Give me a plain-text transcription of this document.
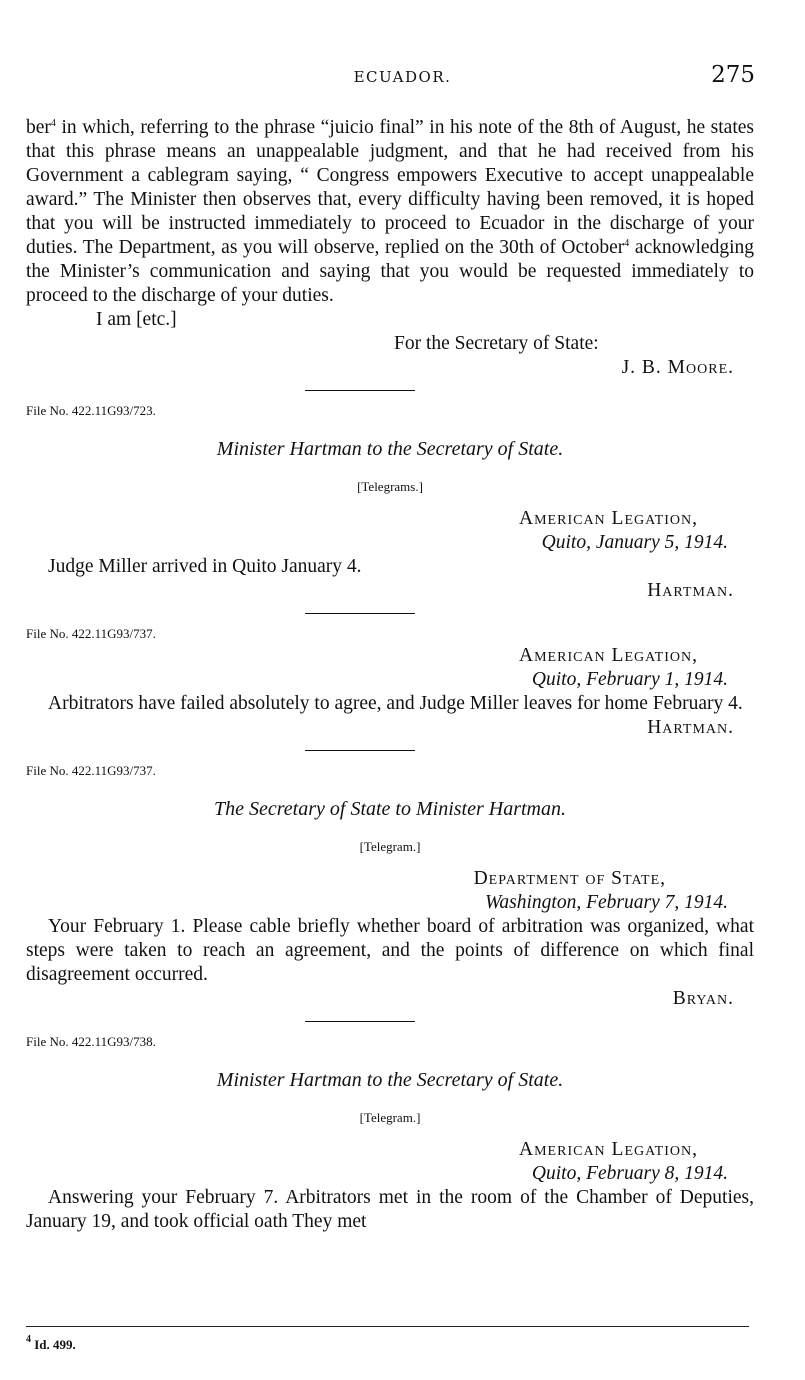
ECUADOR.	275

ber$^4$ in which, referring to the phrase “juicio final” in his note of the 8th of August, he states that this phrase means an unappealable judgment, and that he had received from his Government a cablegram saying, “ Congress empowers Executive to accept unappealable award.” The Minister then observes that, every difficulty having been removed, it is hoped that you will be instructed immediately to proceed to Ecuador in the discharge of your duties. The Department, as you will observe, replied on the 30th of October$^4$ acknowledging the Minister’s communication and saying that you would be requested immediately to proceed to the discharge of your duties.

I am [etc.]

For the Secretary of State:

J. B. Moore.

File No. 422.11G93/723.

Minister Hartman to the Secretary of State.

[Telegrams.]

American Legation,

Quito, January 5, 1914.

Judge Miller arrived in Quito January 4.

Hartman.

File No. 422.11G93/737.

American Legation,

Quito, February 1, 1914.

Arbitrators have failed absolutely to agree, and Judge Miller leaves for home February 4.

Hartman.

File No. 422.11G93/737.

The Secretary of State to Minister Hartman.

[Telegram.]

Department of State,

Washington, February 7, 1914.

Your February 1. Please cable briefly whether board of arbitration was organized, what steps were taken to reach an agreement, and the points of difference on which final disagreement occurred.

Bryan.

File No. 422.11G93/738.

Minister Hartman to the Secretary of State.

[Telegram.]

American Legation,

Quito, February 8, 1914.

Answering your February 7. Arbitrators met in the room of the Chamber of Deputies, January 19, and took official oath They met

$^4$ Id. 499.
